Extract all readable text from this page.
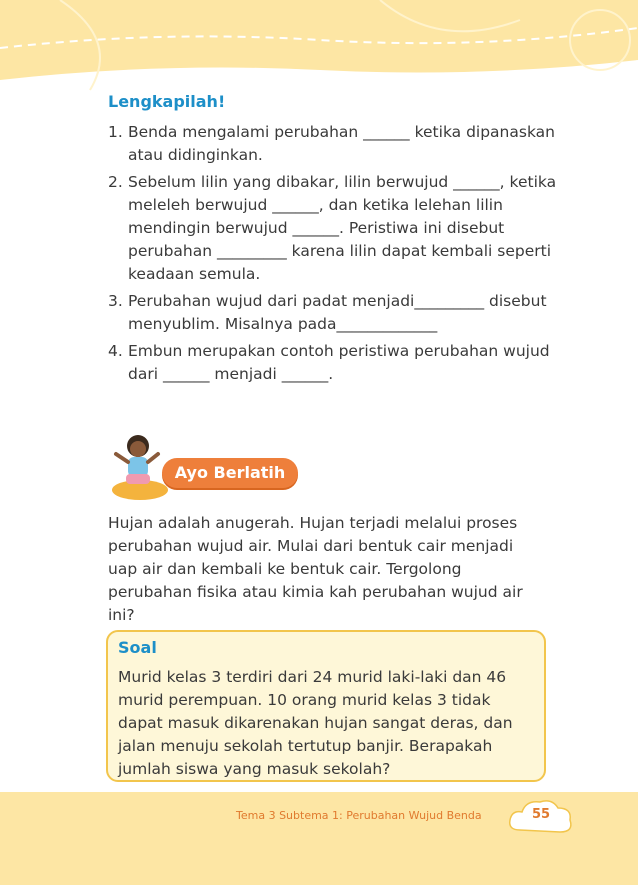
Lengkapilah!
1. Benda mengalami perubahan ______ ketika dipanaskan atau didinginkan.
2. Sebelum lilin yang dibakar, lilin berwujud ______, ketika meleleh berwujud ______, dan ketika lelehan lilin mendingin berwujud ______. Peristiwa ini disebut perubahan _________ karena lilin dapat kembali seperti keadaan semula.
3. Perubahan wujud dari padat menjadi_________ disebut menyublim. Misalnya pada_____________
4. Embun merupakan contoh peristiwa perubahan wujud dari ______ menjadi ______.
Ayo Berlatih
Hujan adalah anugerah. Hujan terjadi melalui proses perubahan wujud air. Mulai dari bentuk cair menjadi uap air dan kembali ke bentuk cair. Tergolong perubahan fisika atau kimia kah perubahan wujud air ini?
Soal
Murid kelas 3 terdiri dari 24 murid laki-laki dan 46 murid perempuan. 10 orang murid kelas 3 tidak dapat masuk dikarenakan hujan sangat deras, dan jalan menuju sekolah tertutup banjir. Berapakah jumlah siswa yang masuk sekolah?
Tema 3 Subtema 1: Perubahan Wujud Benda	55
